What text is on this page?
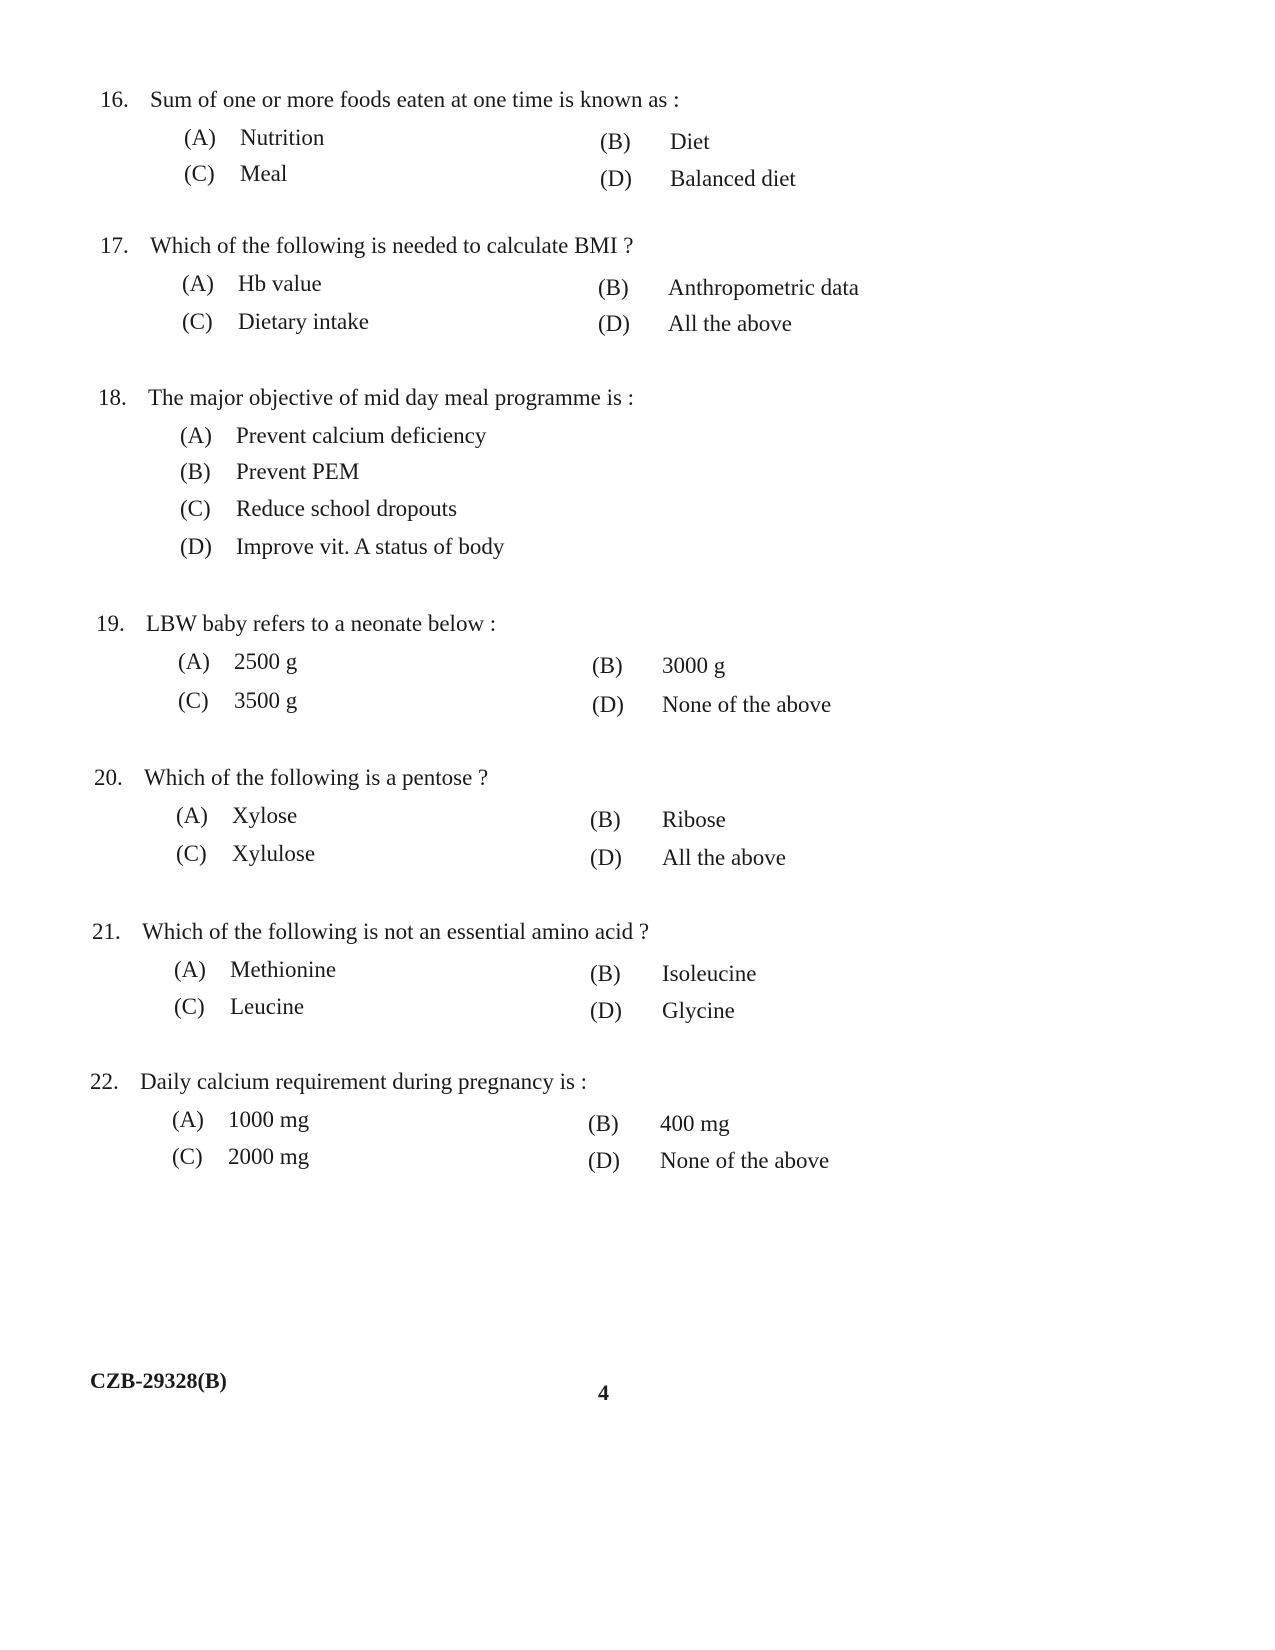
16. Sum of one or more foods eaten at one time is known as :
(A) Nutrition	(B) Diet
(C) Meal	(D) Balanced diet
17. Which of the following is needed to calculate BMI ?
(A) Hb value	(B) Anthropometric data
(C) Dietary intake	(D) All the above
18. The major objective of mid day meal programme is :
(A) Prevent calcium deficiency
(B) Prevent PEM
(C) Reduce school dropouts
(D) Improve vit. A status of body
19. LBW baby refers to a neonate below :
(A) 2500 g	(B) 3000 g
(C) 3500 g	(D) None of the above
20. Which of the following is a pentose ?
(A) Xylose	(B) Ribose
(C) Xylulose	(D) All the above
21. Which of the following is not an essential amino acid ?
(A) Methionine	(B) Isoleucine
(C) Leucine	(D) Glycine
22. Daily calcium requirement during pregnancy is :
(A) 1000 mg	(B) 400 mg
(C) 2000 mg	(D) None of the above
CZB-29328(B)	4
